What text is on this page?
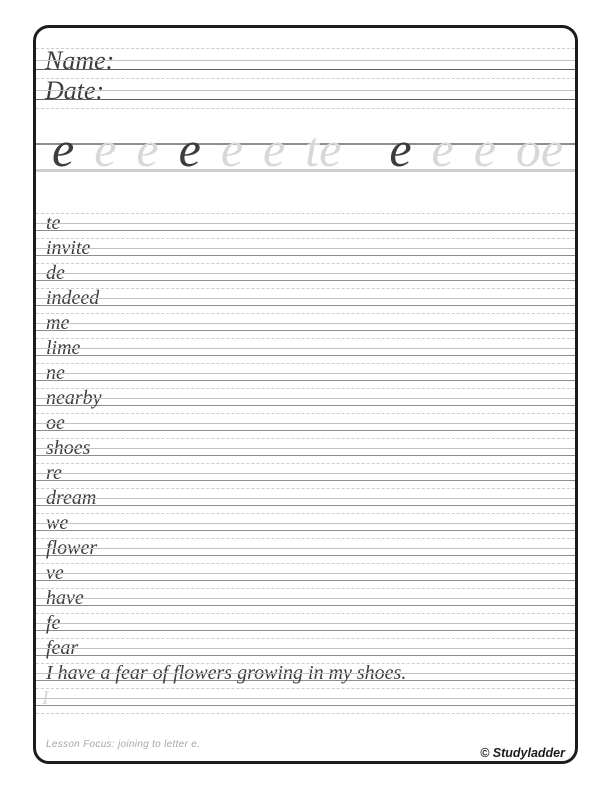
Name:
Date:
e e e e e e te e e e oe
te
invite
de
indeed
me
lime
ne
nearby
oe
shoes
re
dream
we
flower
ve
have
fe
fear
I have a fear of flowers growing in my shoes.
I
Lesson Focus: joining to letter e.
© Studyladder
